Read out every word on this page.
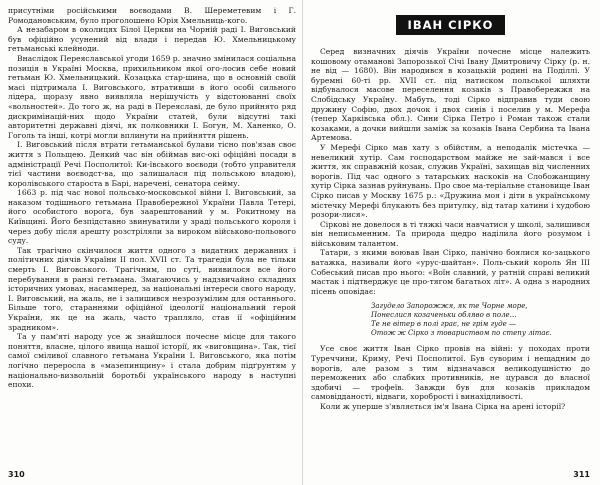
присутніми російськими воєводами В. Шереметевим і Г. Ромодановським, було проголошено Юрія Хмельниць-кого.

А незабаром в околицях Білої Церкви на Чорній раді І. Виговський був офіційно усунений від влади і передав Ю. Хмельницькому гетьманські клейноди.

Внаслідок Переяславської угоди 1659 р. значно змінилася соціальна позиція в Україні Москва, прихильником якої ого-лосив себе новий гетьман Ю. Хмельницький. Козацька стар-шина, що в основній своїй масі підтримала І. Виговського, втративши в його особі сильного лідера, щоразу явно виявляла нерішучість у відстоюванні своїх «вольностей». До того ж, на раді в Переяславі, де було прийнято ряд дискримінацій-них щодо України статей, були відсутні такі авторитетні державні діячі, як полковники І. Богун, М. Ханенко, О. Гоголь та інші, котрі могли вплинути на прийняття рішень.

І. Виговський після втрати гетьманської булави тісно пов'язав своє життя з Польщею. Деякий час він обіймав вис-окі офіційні посади в адміністрації Речі Посполитої: Ки-ївського воєводи (тобто управителя тієї частини воєводст-ва, що залишалася під польською владою), королівського староста в Барі, наречені, сенатора сейму.

1663 р. під час нової польсько-московської війни І. Виговський, за наказом тодішнього гетьмана Правобережної України Павла Тетері, його особистого ворога, був заарештований у м. Рокитному на Київщині. Його безпідставно звинуватили у зраді польського короля і через добу після арешту розстріляли за вироком військово-польового суду.

Так трагічно скінчилося життя одного з видатних державних і політичних діячів України II пол. XVII ст. Та трагедія була не тільки смерть І. Виговського. Трагічним, по суті, виявилося все його перебування в ранзі гетьмана. Змагаючись у надзвичайно складних історичних умовах, насамперед, за національні інтереси свого народу, І. Виговський, на жаль, не і залишився незрозумілим для останнього. Більше того, стараннями офіційної ідеології національний герой України, як це на жаль, часто трапляло, став ії «офіційним зрадником».

Та у пам'яті народу усе ж знайшлося почесне місце для такого поняття, власне, цілого явища нашої історії, як «виговщина». Так, тієї самої сміливої славного гетьмана України І. Виговського, яка потім логічно переросла в «мазепинщину» і стала добрим підґрунтям у національно-визвольній боротьбі українського народу в наступні епохи.

310
ІВАН СІРКО

Серед визначних діячів України почесне місце належить кошовому отаманові Запорозької Січі Івану Дмитровичу Сірку (р. н. не від — 1680). Він народився в козацькій родині на Поділлі. У буремні 60-ті рр. XVII ст. під натиском польської шляхти відбувалося масове переселення козаків з Правобережжя на Слобідську Україну. Мабуть, тоді Сірко відправив туди свою дружину Софію, двох дочок і двох синів і поселив у м. Мерефа (тепер Харківська обл.). Сини Сірка Петро і Роман також стали козаками, а дочки вийшли заміж за козаків Івана Сербина та Івана Артемова.

У Мерефі Сірко мав хату з обійстям, а неподалік містечка — невеликий хутір. Сам господарством майже не зай-мався і все життя, як справжній козак, служив Україні, захищав від численних ворогів. Під час одного з татарських наскоків на Слобожанщину хутір Сірка зазнав руйнувань. Про свое ма-теріальне становище Іван Сірко писав у Москву 1675 р.: «Дружина моя і діти в українському містечку Мерефі блукають без притулку, від татар хатини і худобою розори-лися».

Сіркові не довелося в ті тяжкі часи навчатися у школі, залишився він неписьменним. Та природа щедро наділила його розумом і військовим талантом.

Татари, з якими воював Іван Сірко, панічно боялися ко-зацького ватажка, називали його «урус-шайтан». Поль-ський король Ян III Собеський писав про нього: «Воїн славний, у ратній справі великий мастак і підтверджує це про-тягом багатьох літ». А одна з народних пісень оповідає:

Загудело Запорожжя, як те Чорне море,
Понеслися козаченьки обляво в поле…
Те не вітер в полі грає, не грім гуде —
Отож ж Сірко з товариством по степу літає.

Усе своє життя Іван Сірко провів на війні: у походах проти Туреччини, Криму, Речі Посполитої. Був суворим і нещадним до ворогів, але разом з тим відзначався великодушністю до переможених або слабких противників, не цурався до власної здобичі — трофеїв. Завжди був для козаків прикладом самовідданості, відваги, хоробрості і винахідливості.

Коли ж уперше з'являється ім'я Івана Сірка на арені історії?

311
